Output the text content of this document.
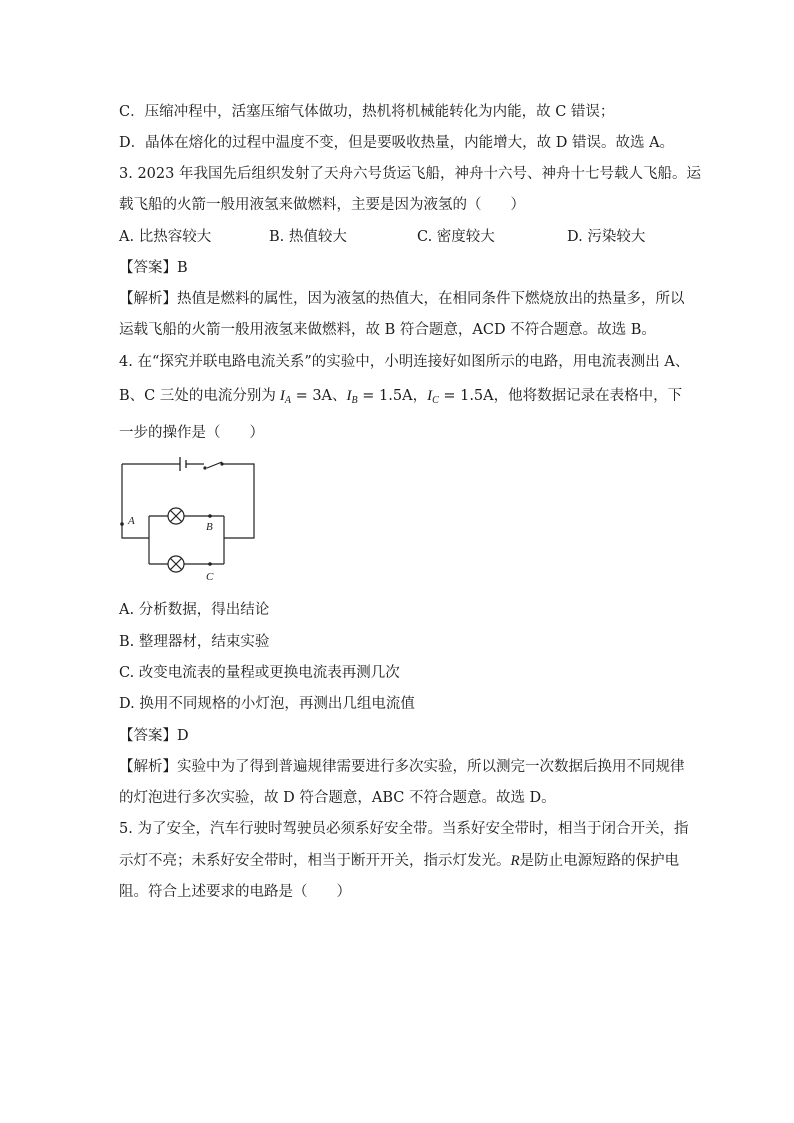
C．压缩冲程中，活塞压缩气体做功，热机将机械能转化为内能，故 C 错误；
D．晶体在熔化的过程中温度不变，但是要吸收热量，内能增大，故 D 错误。故选 A。
3. 2023 年我国先后组织发射了天舟六号货运飞船，神舟十六号、神舟十七号载人飞船。运
载飞船的火箭一般用液氢来做燃料，主要是因为液氢的（　　）
A. 比热容较大	B. 热值较大	C. 密度较大	D. 污染较大
【答案】B
【解析】热值是燃料的属性，因为液氢的热值大，在相同条件下燃烧放出的热量多，所以
运载飞船的火箭一般用液氢来做燃料，故 B 符合题意，ACD 不符合题意。故选 B。
4. 在“探究并联电路电流关系”的实验中，小明连接好如图所示的电路，用电流表测出 A、
B、C 三处的电流分别为 $I_A = 3A$、$I_B = 1.5A$，$I_C = 1.5A$，他将数据记录在表格中，下
一步的操作是（　　）
A	B
C
A. 分析数据，得出结论
B. 整理器材，结束实验
C. 改变电流表的量程或更换电流表再测几次
D. 换用不同规格的小灯泡，再测出几组电流值
【答案】D
【解析】实验中为了得到普遍规律需要进行多次实验，所以测完一次数据后换用不同规律
的灯泡进行多次实验，故 D 符合题意，ABC 不符合题意。故选 D。
5. 为了安全，汽车行驶时驾驶员必须系好安全带。当系好安全带时，相当于闭合开关，指
示灯不亮；未系好安全带时，相当于断开开关，指示灯发光。R是防止电源短路的保护电
阻。符合上述要求的电路是（　　）
